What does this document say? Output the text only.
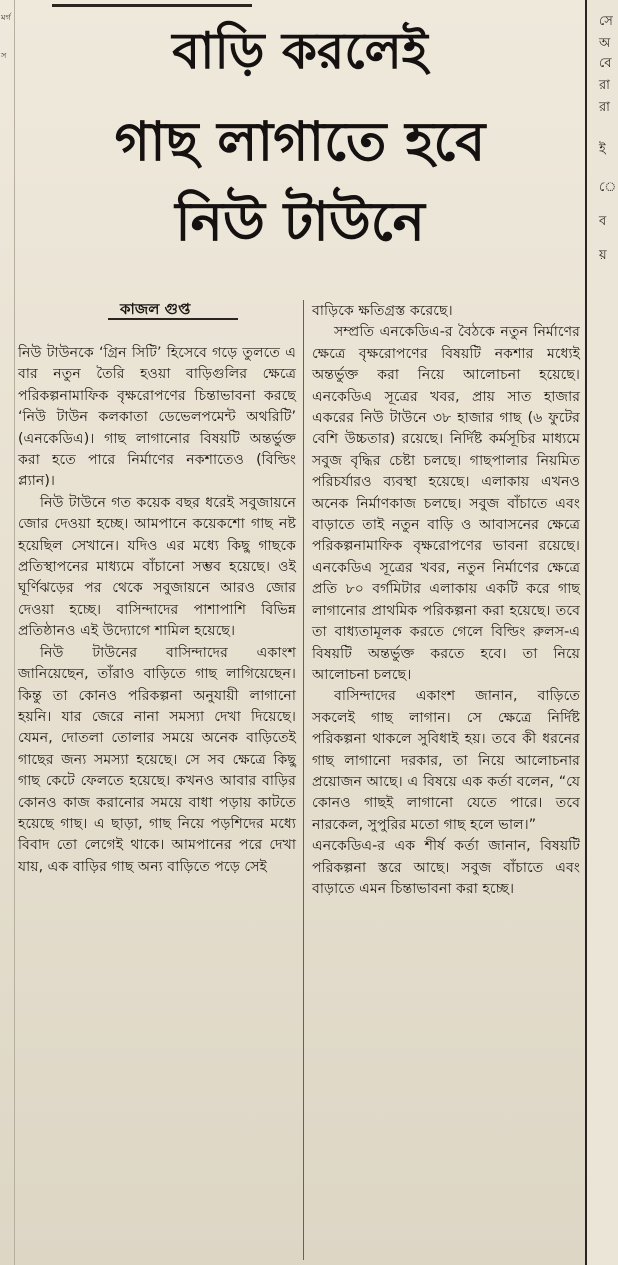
মর্গ
স	বাড়ি করলেই
গাছ লাগাতে হবে
নিউ টাউনে
কাজল গুপ্ত

নিউ টাউনকে ‘গ্রিন সিটি’ হিসেবে গড়ে তুলতে এ বার নতুন তৈরি হওয়া বাড়িগুলির ক্ষেত্রে পরিকল্পনামাফিক বৃক্ষরোপণের চিন্তাভাবনা করছে ‘নিউ টাউন কলকাতা ডেভেলপমেন্ট অথরিটি’ (এনকেডিএ)। গাছ লাগানোর বিষয়টি অন্তর্ভুক্ত করা হতে পারে নির্মাণের নকশাতেও (বিল্ডিং প্ল্যান)।

নিউ টাউনে গত কয়েক বছর ধরেই সবুজায়নে জোর দেওয়া হচ্ছে। আমপানে কয়েকশো গাছ নষ্ট হয়েছিল সেখানে। যদিও এর মধ্যে কিছু গাছকে প্রতিস্থাপনের মাধ্যমে বাঁচানো সম্ভব হয়েছে। ওই ঘূর্ণিঝড়ের পর থেকে সবুজায়নে আরও জোর দেওয়া হচ্ছে। বাসিন্দাদের পাশাপাশি বিভিন্ন প্রতিষ্ঠানও এই উদ্যোগে শামিল হয়েছে।

নিউ টাউনের বাসিন্দাদের একাংশ জানিয়েছেন, তাঁরাও বাড়িতে গাছ লাগিয়েছেন। কিন্তু তা কোনও পরিকল্পনা অনুযায়ী লাগানো হয়নি। যার জেরে নানা সমস্যা দেখা দিয়েছে। যেমন, দোতলা তোলার সময়ে অনেক বাড়িতেই গাছের জন্য সমস্যা হয়েছে। সে সব ক্ষেত্রে কিছু গাছ কেটে ফেলতে হয়েছে। কখনও আবার বাড়ির কোনও কাজ করানোর সময়ে বাধা পড়ায় কাটতে হয়েছে গাছ। এ ছাড়া, গাছ নিয়ে পড়শিদের মধ্যে বিবাদ তো লেগেই থাকে। আমপানের পরে দেখা যায়, এক বাড়ির গাছ অন্য বাড়িতে পড়ে সেই

বাড়িকে ক্ষতিগ্রস্ত করেছে।

সম্প্রতি এনকেডিএ-র বৈঠকে নতুন নির্মাণের ক্ষেত্রে বৃক্ষরোপণের বিষয়টি নকশার মধ্যেই অন্তর্ভুক্ত করা নিয়ে আলোচনা হয়েছে। এনকেডিএ সূত্রের খবর, প্রায় সাত হাজার একরের নিউ টাউনে ৩৮ হাজার গাছ (৬ ফুটের বেশি উচ্চতার) রয়েছে। নির্দিষ্ট কর্মসূচির মাধ্যমে সবুজ বৃদ্ধির চেষ্টা চলছে। গাছপালার নিয়মিত পরিচর্যারও ব্যবস্থা হয়েছে। এলাকায় এখনও অনেক নির্মাণকাজ চলছে। সবুজ বাঁচাতে এবং বাড়াতে তাই নতুন বাড়ি ও আবাসনের ক্ষেত্রে পরিকল্পনামাফিক বৃক্ষরোপণের ভাবনা রয়েছে। এনকেডিএ সূত্রের খবর, নতুন নির্মাণের ক্ষেত্রে প্রতি ৮০ বর্গমিটার এলাকায় একটি করে গাছ লাগানোর প্রাথমিক পরিকল্পনা করা হয়েছে। তবে তা বাধ্যতামূলক করতে গেলে বিল্ডিং রুলস-এ বিষয়টি অন্তর্ভুক্ত করতে হবে। তা নিয়ে আলোচনা চলছে।

বাসিন্দাদের একাংশ জানান, বাড়িতে সকলেই গাছ লাগান। সে ক্ষেত্রে নির্দিষ্ট পরিকল্পনা থাকলে সুবিধাই হয়। তবে কী ধরনের গাছ লাগানো দরকার, তা নিয়ে আলোচনার প্রয়োজন আছে। এ বিষয়ে এক কর্তা বলেন, “যে কোনও গাছই লাগানো যেতে পারে। তবে নারকেল, সুপুরির মতো গাছ হলে ভাল।”

এনকেডিএ-র এক শীর্ষ কর্তা জানান, বিষয়টি পরিকল্পনা স্তরে আছে। সবুজ বাঁচাতে এবং বাড়াতে এমন চিন্তাভাবনা করা হচ্ছে।

সে
অ
বে
রা
রা
ই
ে
ব
য়
